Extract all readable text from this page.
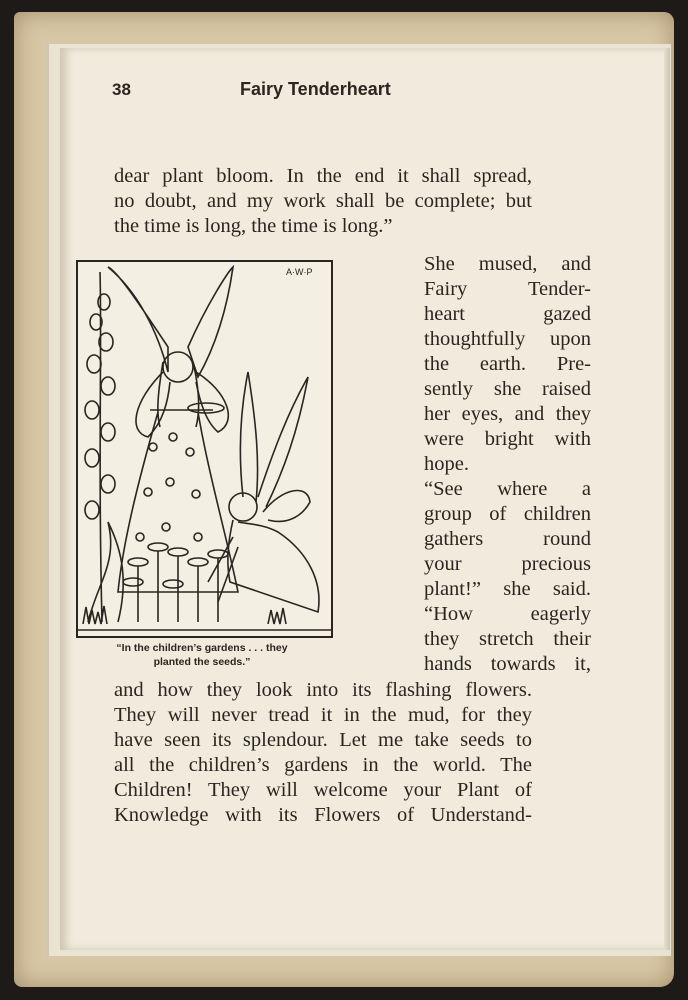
38	Fairy Tenderheart
dear plant bloom. In the end it shall spread,
no doubt, and my work shall be complete; but
the time is long, the time is long.”
A·W·P
“In the children’s gardens . . . they
planted the seeds.”
She mused, and
Fairy Tender-
heart gazed
thoughtfully upon
the earth. Pre-
sently she raised
her eyes, and they
were bright with
hope.
“See where a
group of children
gathers round
your precious
plant!” she said.
“How eagerly
they stretch their
hands towards it,
and how they look into its flashing flowers.
They will never tread it in the mud, for they
have seen its splendour. Let me take seeds to
all the children’s gardens in the world. The
Children! They will welcome your Plant of
Knowledge with its Flowers of Understand-
